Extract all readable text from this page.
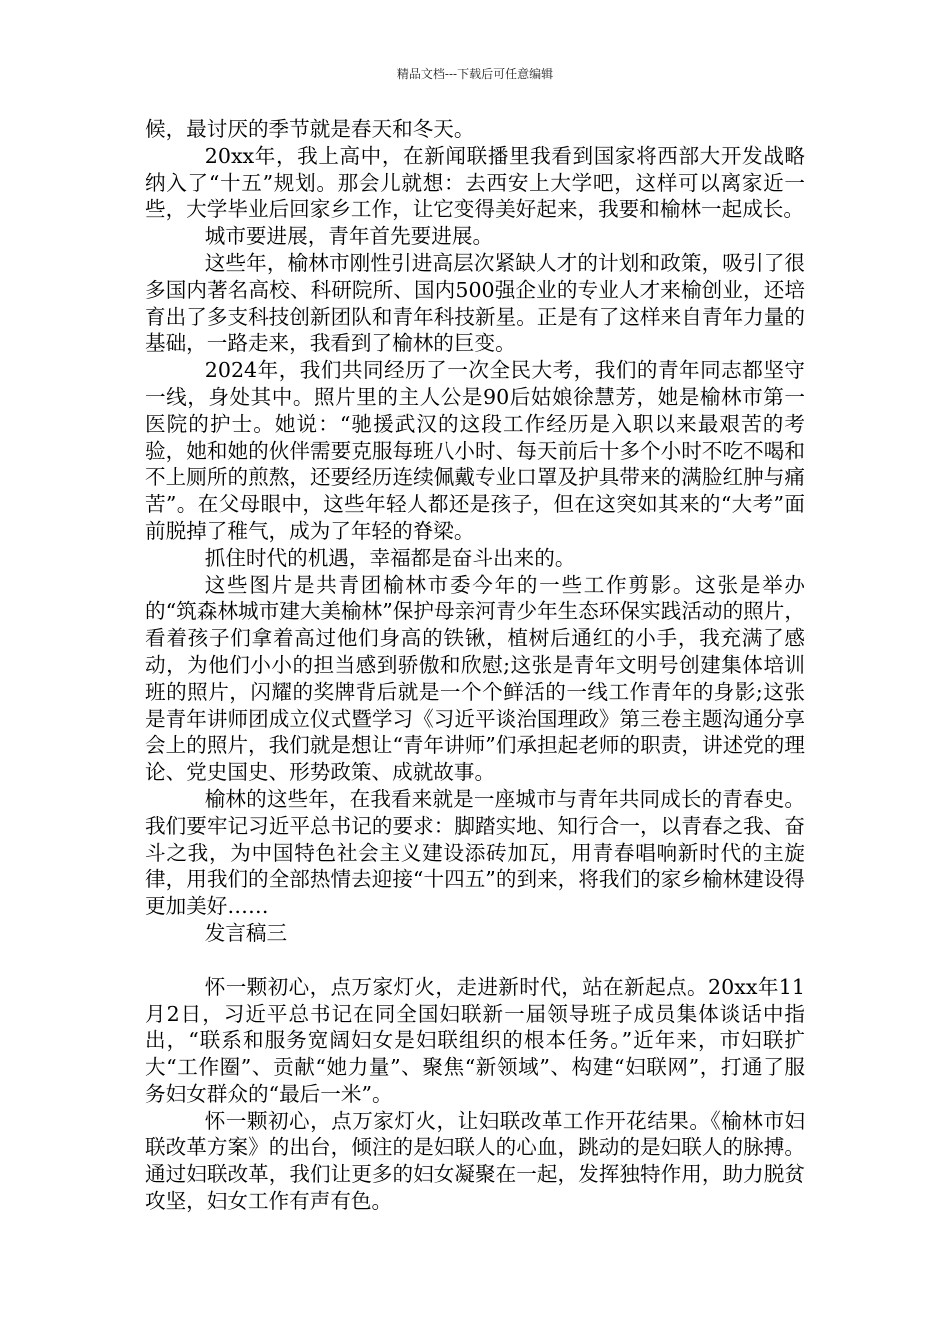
精品文档---下载后可任意编辑

候，最讨厌的季节就是春天和冬天。

20xx年，我上高中，在新闻联播里我看到国家将西部大开发战略纳入了“十五”规划。那会儿就想：去西安上大学吧，这样可以离家近一些，大学毕业后回家乡工作，让它变得美好起来，我要和榆林一起成长。

城市要进展，青年首先要进展。

这些年，榆林市刚性引进高层次紧缺人才的计划和政策，吸引了很多国内著名高校、科研院所、国内500强企业的专业人才来榆创业，还培育出了多支科技创新团队和青年科技新星。正是有了这样来自青年力量的基础，一路走来，我看到了榆林的巨变。

2024年，我们共同经历了一次全民大考，我们的青年同志都坚守一线，身处其中。照片里的主人公是90后姑娘徐慧芳，她是榆林市第一医院的护士。她说：“驰援武汉的这段工作经历是入职以来最艰苦的考验，她和她的伙伴需要克服每班八小时、每天前后十多个小时不吃不喝和不上厕所的煎熬，还要经历连续佩戴专业口罩及护具带来的满脸红肿与痛苦”。在父母眼中，这些年轻人都还是孩子，但在这突如其来的“大考”面前脱掉了稚气，成为了年轻的脊梁。

抓住时代的机遇，幸福都是奋斗出来的。

这些图片是共青团榆林市委今年的一些工作剪影。这张是举办的“筑森林城市建大美榆林”保护母亲河青少年生态环保实践活动的照片，看着孩子们拿着高过他们身高的铁锹，植树后通红的小手，我充满了感动，为他们小小的担当感到骄傲和欣慰;这张是青年文明号创建集体培训班的照片，闪耀的奖牌背后就是一个个鲜活的一线工作青年的身影;这张是青年讲师团成立仪式暨学习《习近平谈治国理政》第三卷主题沟通分享会上的照片，我们就是想让“青年讲师”们承担起老师的职责，讲述党的理论、党史国史、形势政策、成就故事。

榆林的这些年，在我看来就是一座城市与青年共同成长的青春史。我们要牢记习近平总书记的要求：脚踏实地、知行合一，以青春之我、奋斗之我，为中国特色社会主义建设添砖加瓦，用青春唱响新时代的主旋律，用我们的全部热情去迎接“十四五”的到来，将我们的家乡榆林建设得更加美好……

发言稿三

怀一颗初心，点万家灯火，走进新时代，站在新起点。20xx年11月2日，习近平总书记在同全国妇联新一届领导班子成员集体谈话中指出，“联系和服务宽阔妇女是妇联组织的根本任务。”近年来，市妇联扩大“工作圈”、贡献“她力量”、聚焦“新领域”、构建“妇联网”，打通了服务妇女群众的“最后一米”。

怀一颗初心，点万家灯火，让妇联改革工作开花结果。《榆林市妇联改革方案》的出台，倾注的是妇联人的心血，跳动的是妇联人的脉搏。通过妇联改革，我们让更多的妇女凝聚在一起，发挥独特作用，助力脱贫攻坚，妇女工作有声有色。
